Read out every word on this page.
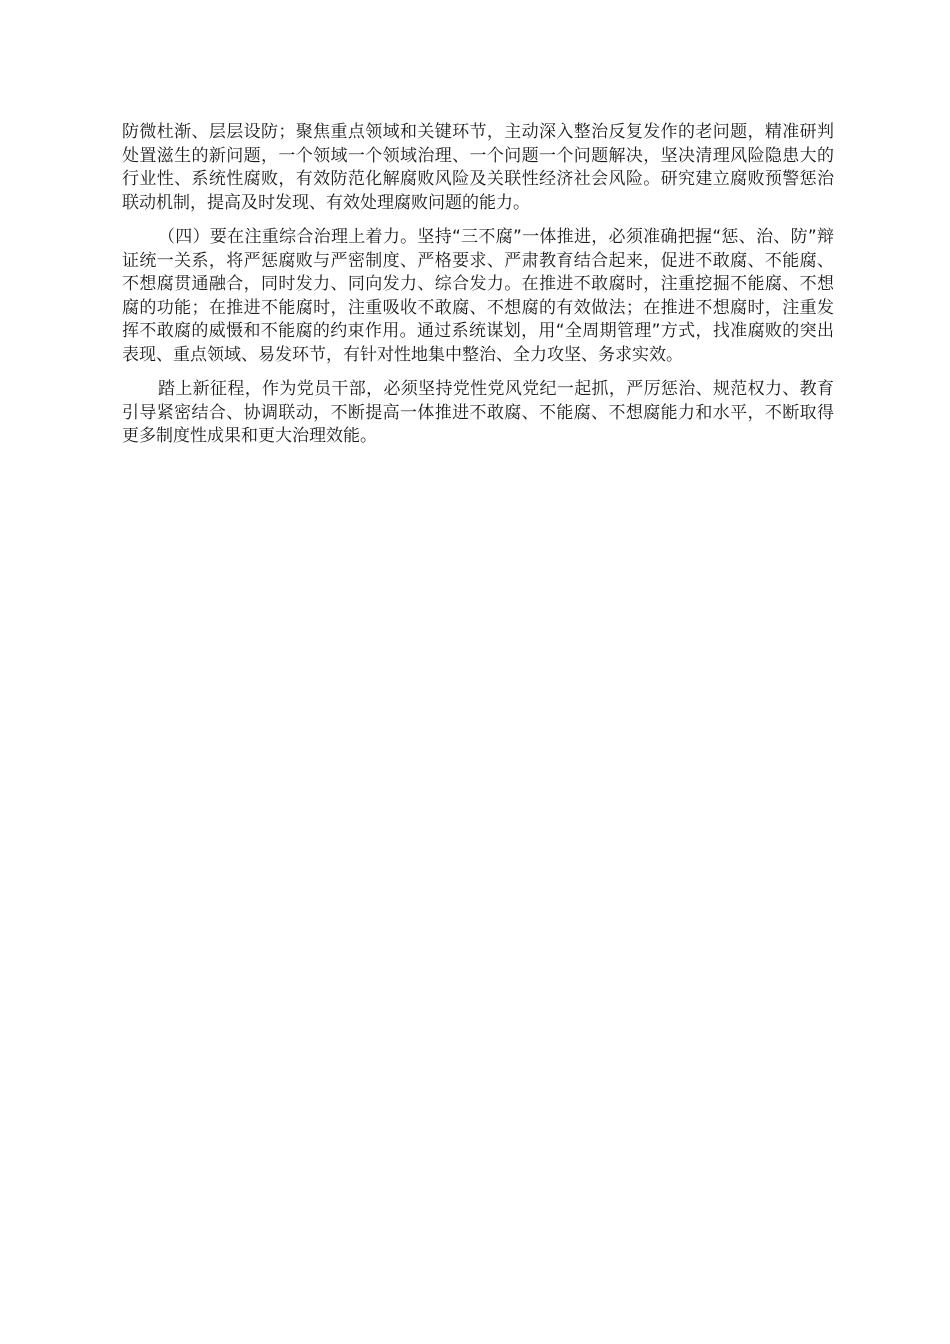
防微杜渐、层层设防；聚焦重点领域和关键环节，主动深入整治反复发作的老问题，精准研判处置滋生的新问题，一个领域一个领域治理、一个问题一个问题解决，坚决清理风险隐患大的行业性、系统性腐败，有效防范化解腐败风险及关联性经济社会风险。研究建立腐败预警惩治联动机制，提高及时发现、有效处理腐败问题的能力。

（四）要在注重综合治理上着力。坚持“三不腐”一体推进，必须准确把握“惩、治、防”辩证统一关系，将严惩腐败与严密制度、严格要求、严肃教育结合起来，促进不敢腐、不能腐、不想腐贯通融合，同时发力、同向发力、综合发力。在推进不敢腐时，注重挖掘不能腐、不想腐的功能；在推进不能腐时，注重吸收不敢腐、不想腐的有效做法；在推进不想腐时，注重发挥不敢腐的威慑和不能腐的约束作用。通过系统谋划，用“全周期管理”方式，找准腐败的突出表现、重点领域、易发环节，有针对性地集中整治、全力攻坚、务求实效。

踏上新征程，作为党员干部，必须坚持党性党风党纪一起抓，严厉惩治、规范权力、教育引导紧密结合、协调联动，不断提高一体推进不敢腐、不能腐、不想腐能力和水平，不断取得更多制度性成果和更大治理效能。
